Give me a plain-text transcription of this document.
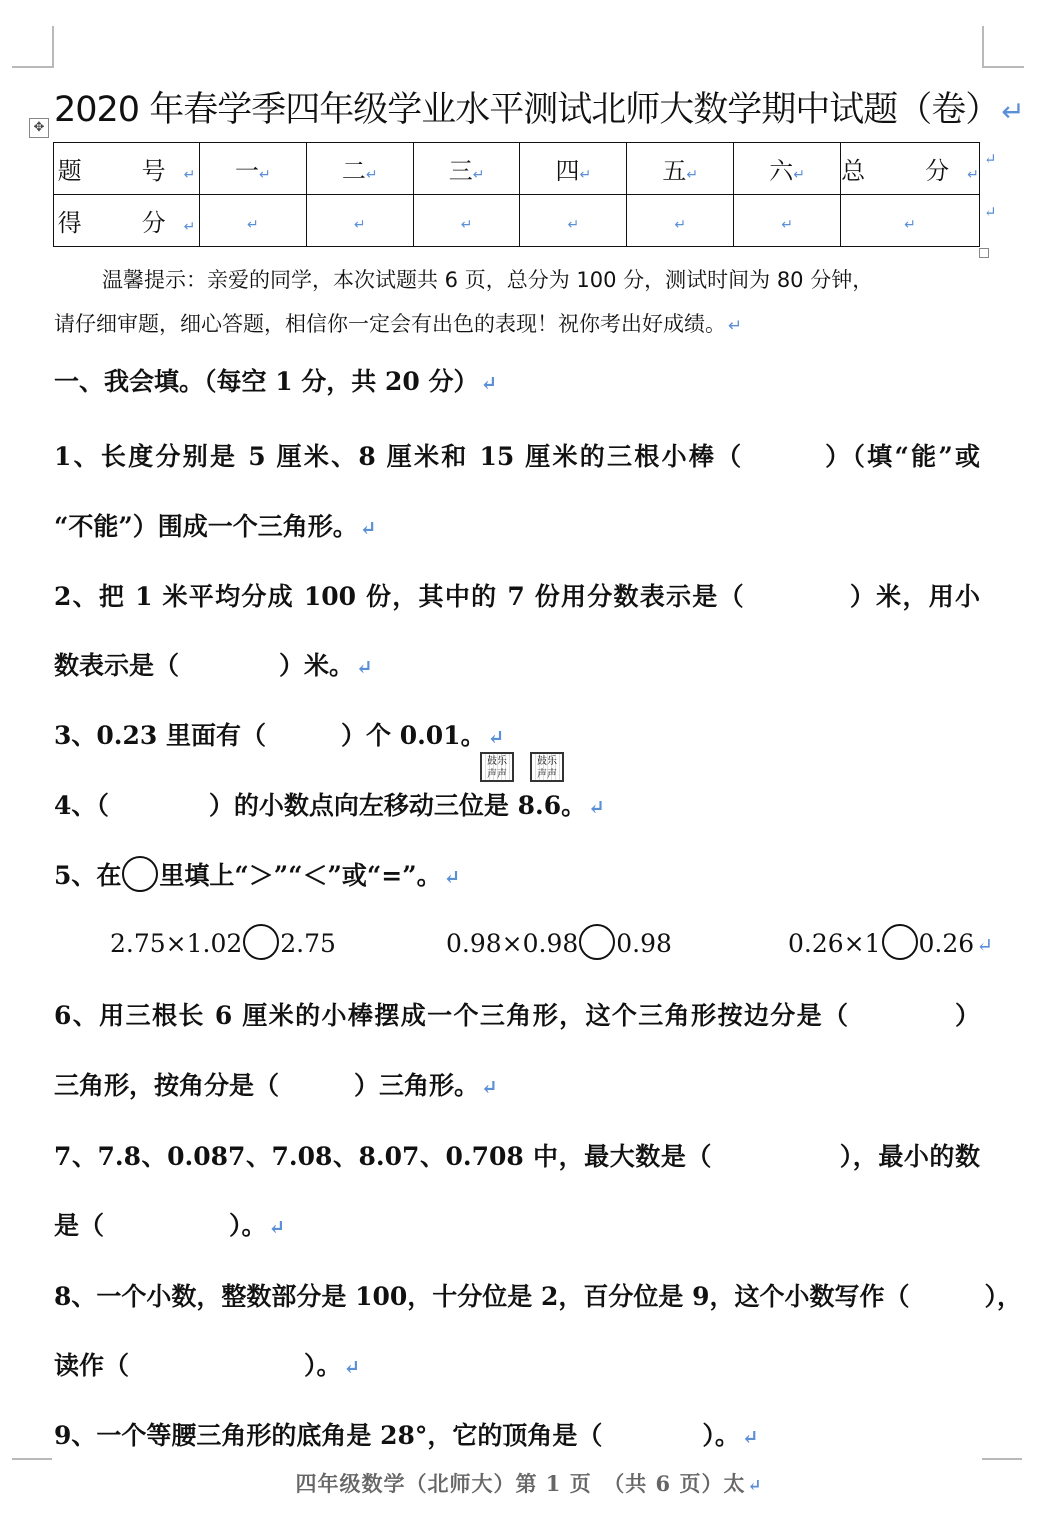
✥ 2020 年春学季四年级学业水平测试北师大数学期中试题（卷）↵
题　号↵	一↵	二↵	三↵	四↵	五↵	六↵	总　分↵
得　分↵	↵	↵	↵	↵	↵	↵	↵
↵
↵
温馨提示：亲爱的同学，本次试题共 6 页，总分为 100 分，测试时间为 80 分钟，
请仔细审题，细心答题，相信你一定会有出色的表现！祝你考出好成绩。 ↵
一、我会填。（每空 1 分，共 20 分） ↵
1、长度分别是 5 厘米、8 厘米和 15 厘米的三根小棒（　　　）（填“能”或
“不能”）围成一个三角形。 ↵
2、把 1 米平均分成 100 份，其中的 7 份用分数表示是（　　　　）米，用小
数表示是（　　　　）米。 ↵
3、0.23 里面有（　　　）个 0.01。 ↵
鼓乐
声声
鼓乐
声声
4、（　　　　）的小数点向左移动三位是 8.6。 ↵
5、在 里填上“＞”“＜”或“=”。 ↵
2.75×1.02 2.75	0.98×0.98 0.98	0.26×1 0.26 ↵
6、用三根长 6 厘米的小棒摆成一个三角形，这个三角形按边分是（　　　　）
三角形，按角分是（　　　）三角形。 ↵
7、7.8、0.087、7.08、8.07、0.708 中，最大数是（　　　　　），最小的数
是（　　　　　）。 ↵
8、一个小数，整数部分是 100，十分位是 2，百分位是 9，这个小数写作（　　　），
读作（　　　　　　　）。 ↵
9、一个等腰三角形的底角是 28°，它的顶角是（　　　　）。 ↵
四年级数学（北师大）第 1 页　（共 6 页）太 ↵
